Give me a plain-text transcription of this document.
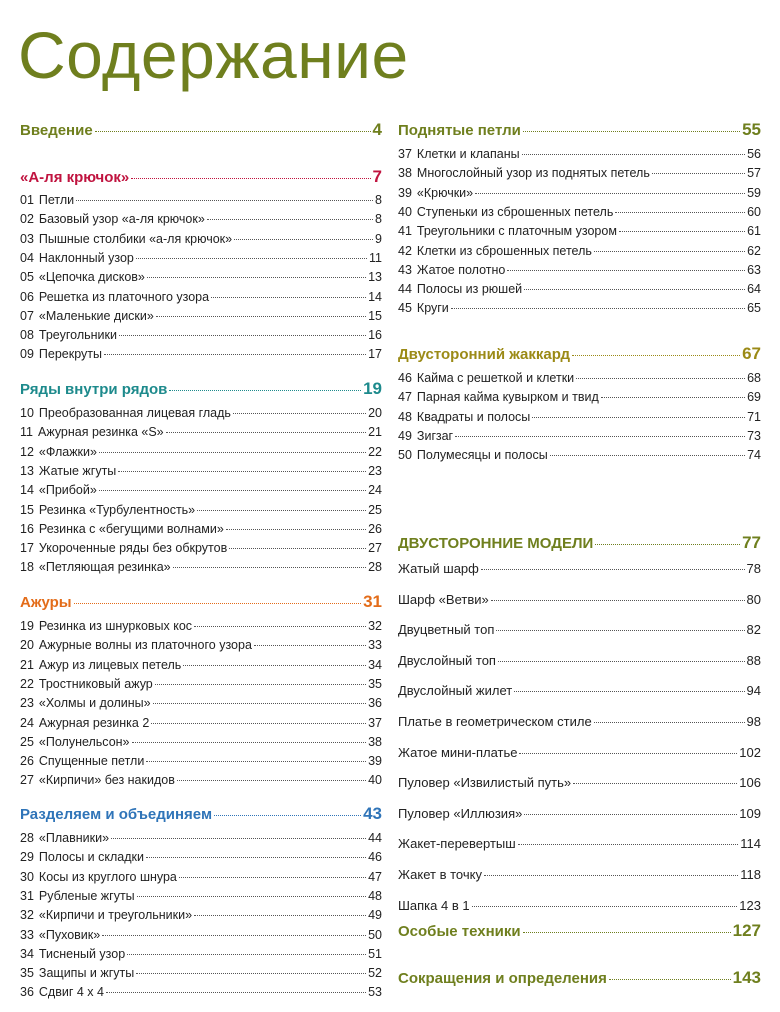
Содержание
Введение	4
«А-ля крючок»	7
01 Петли	8
02 Базовый узор «а-ля крючок»	8
03 Пышные столбики «а-ля крючок»	9
04 Наклонный узор	11
05 «Цепочка дисков»	13
06 Решетка из платочного узора	14
07 «Маленькие диски»	15
08 Треугольники	16
09 Перекруты	17
Ряды внутри рядов	19
10 Преобразованная лицевая гладь	20
11 Ажурная резинка «S»	21
12 «Флажки»	22
13 Жатые жгуты	23
14 «Прибой»	24
15 Резинка «Турбулентность»	25
16 Резинка с «бегущими волнами»	26
17 Укороченные ряды без обкрутов	27
18 «Петляющая резинка»	28
Ажуры	31
19 Резинка из шнурковых кос	32
20 Ажурные волны из платочного узора	33
21 Ажур из лицевых петель	34
22 Тростниковый ажур	35
23 «Холмы и долины»	36
24 Ажурная резинка 2	37
25 «Полунельсон»	38
26 Спущенные петли	39
27 «Кирпичи» без накидов	40
Разделяем и объединяем	43
28 «Плавники»	44
29 Полосы и складки	46
30 Косы из круглого шнура	47
31 Рубленые жгуты	48
32 «Кирпичи и треугольники»	49
33 «Пуховик»	50
34 Тисненый узор	51
35 Защипы и жгуты	52
36 Сдвиг 4 х 4	53
Поднятые петли	55
37 Клетки и клапаны	56
38 Многослойный узор из поднятых петель	57
39 «Крючки»	59
40 Ступеньки из сброшенных петель	60
41 Треугольники с платочным узором	61
42 Клетки из сброшенных петель	62
43 Жатое полотно	63
44 Полосы из рюшей	64
45 Круги	65
Двусторонний жаккард	67
46 Кайма с решеткой и клетки	68
47 Парная кайма кувырком и твид	69
48 Квадраты и полосы	71
49 Зигзаг	73
50 Полумесяцы и полосы	74
ДВУСТОРОННИЕ МОДЕЛИ	77
Жатый шарф	78
Шарф «Ветви»	80
Двуцветный топ	82
Двуслойный топ	88
Двуслойный жилет	94
Платье в геометрическом стиле	98
Жатое мини-платье	102
Пуловер «Извилистый путь»	106
Пуловер «Иллюзия»	109
Жакет-перевертыш	114
Жакет в точку	118
Шапка 4 в 1	123
Особые техники	127
Сокращения и определения	143
